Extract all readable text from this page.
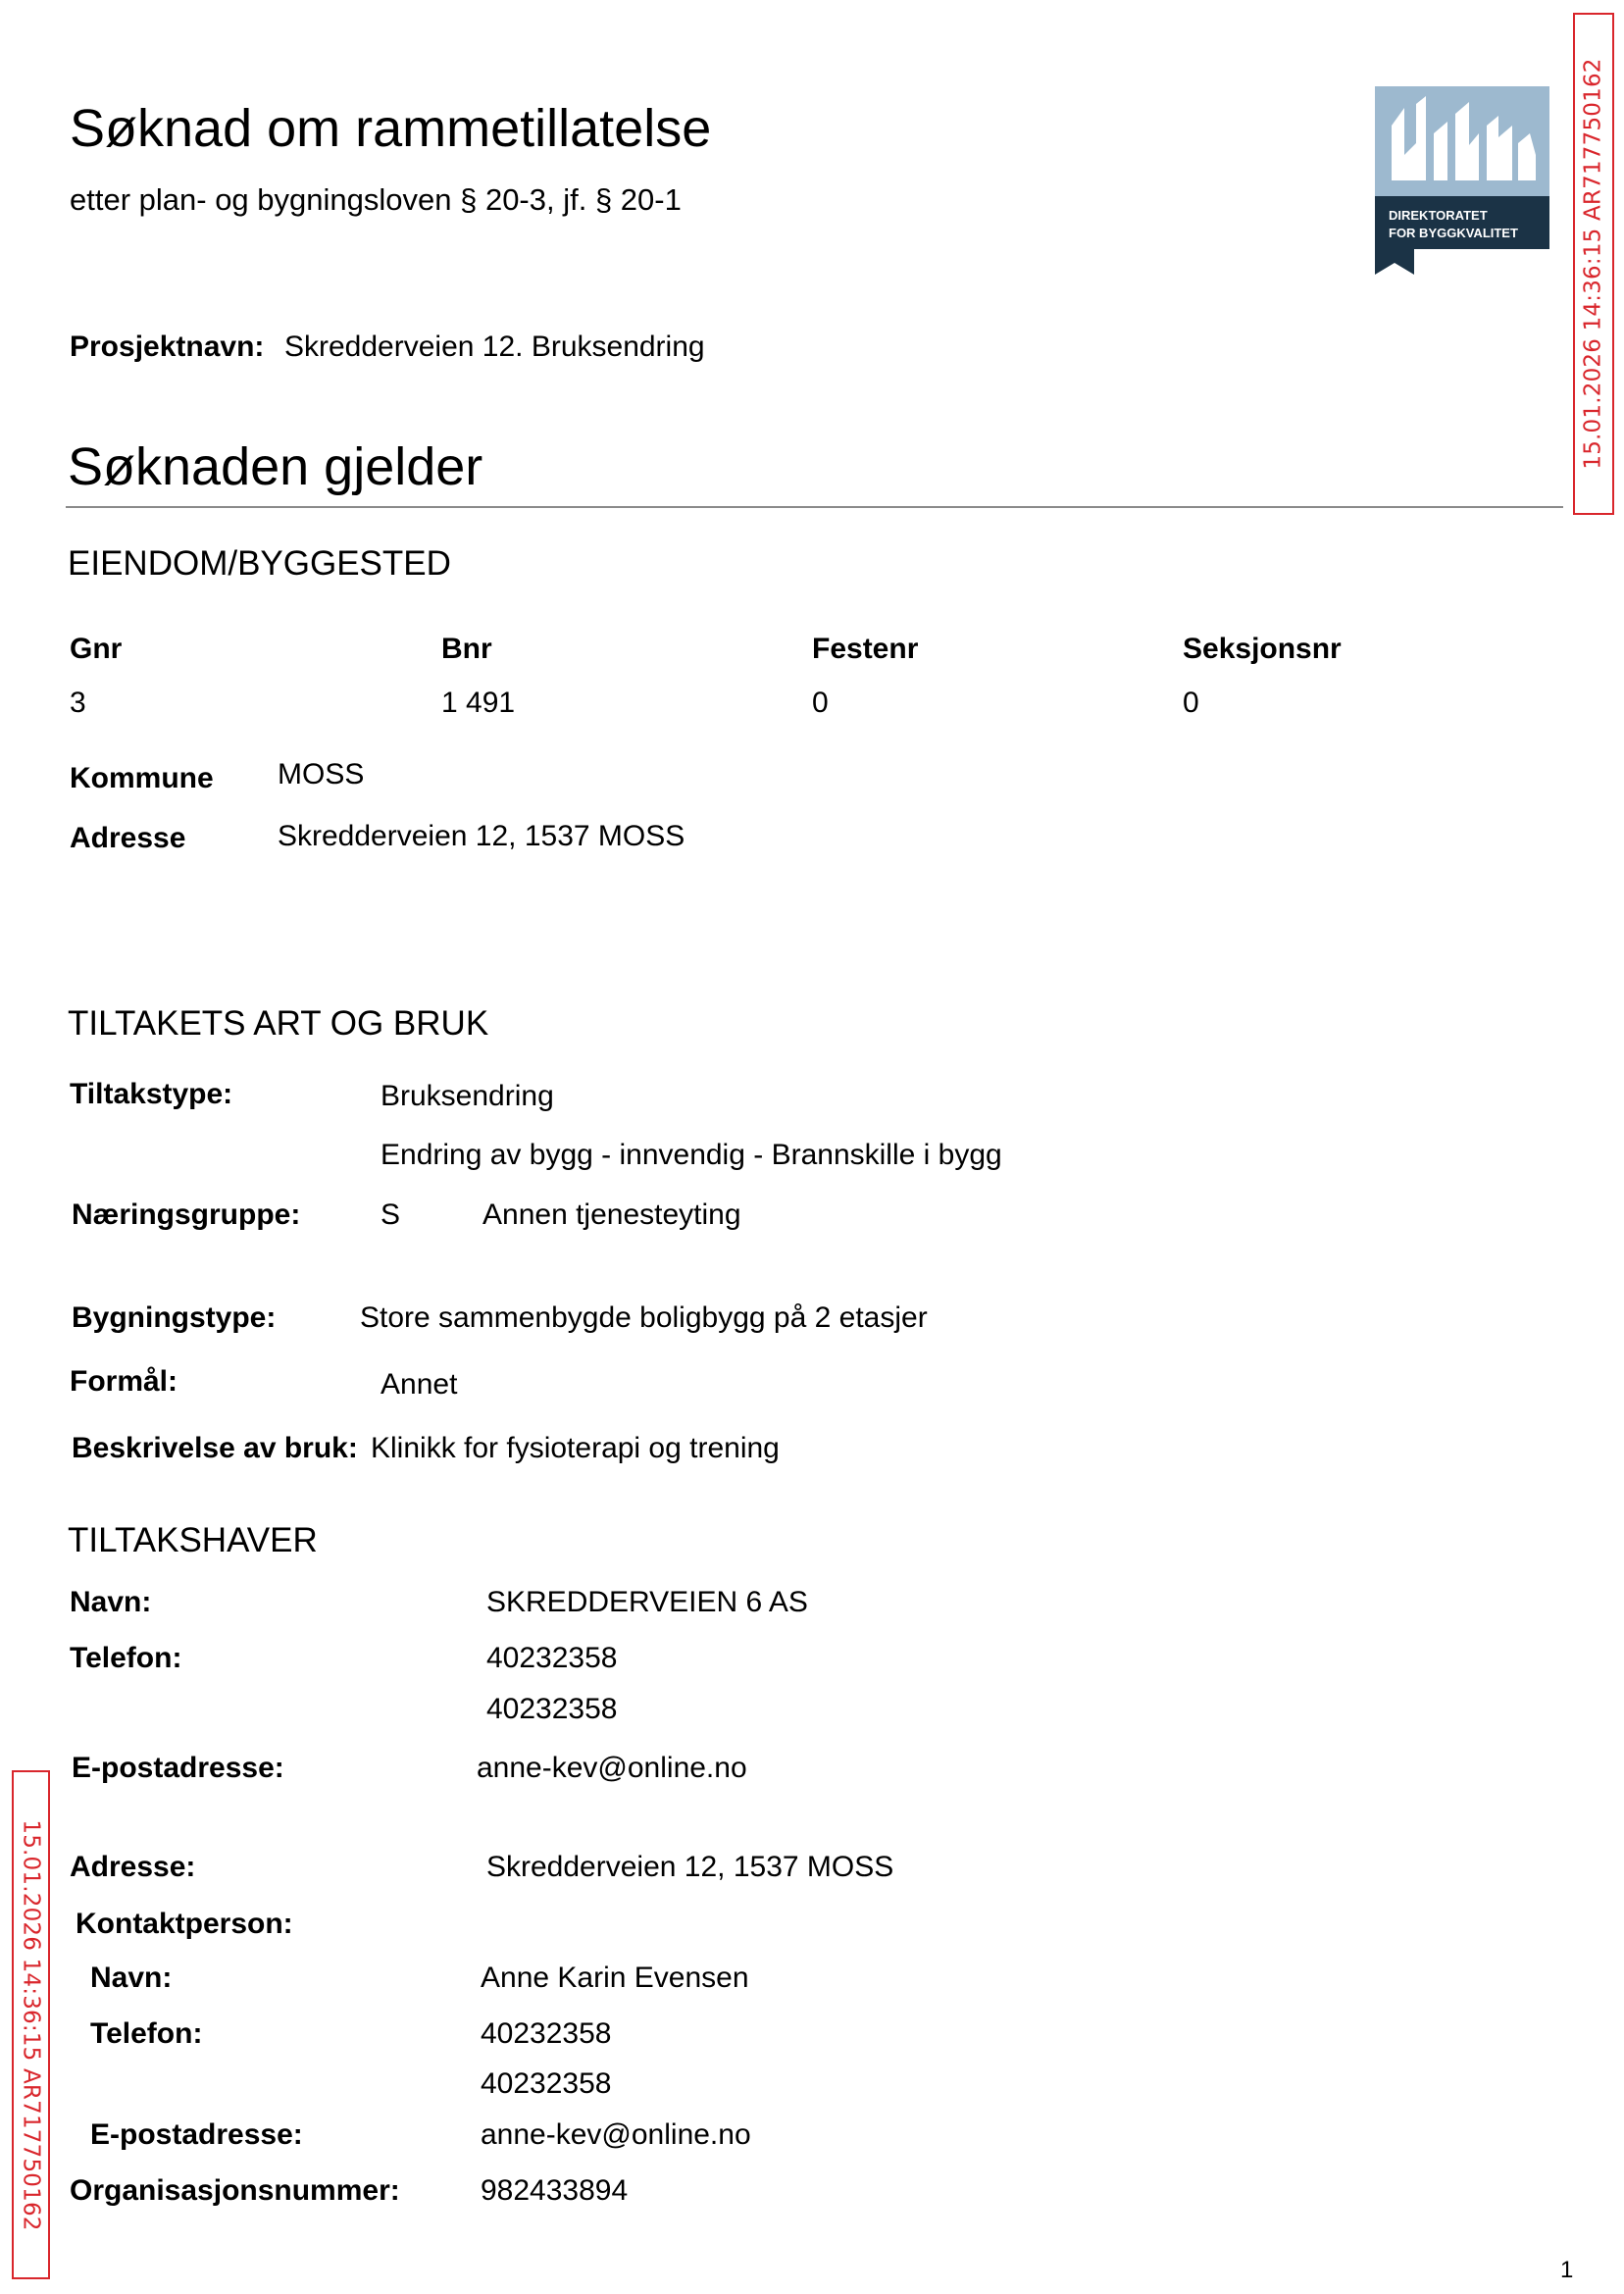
Søknad om rammetillatelse
etter plan- og bygningsloven § 20-3, jf. § 20-1	DIREKTORATET
FOR BYGGKVALITET	15.01.2026 14:36:15 AR717750162
15.01.2026 14:36:15 AR717750162
Prosjektnavn: Skredderveien 12. Bruksendring
Søknaden gjelder
EIENDOM/BYGGESTED
Gnr	Bnr	Festenr	Seksjonsnr
3	1 491	0	0
Kommune MOSS
Adresse	Skredderveien 12, 1537 MOSS
TILTAKETS ART OG BRUK
Tiltakstype:	Bruksendring
Endring av bygg - innvendig - Brannskille i bygg
Næringsgruppe:	S	Annen tjenesteyting
Bygningstype:	Store sammenbygde boligbygg på 2 etasjer
Formål:	Annet
Beskrivelse av bruk: Klinikk for fysioterapi og trening
TILTAKSHAVER
Navn:	SKREDDERVEIEN 6 AS
Telefon:	40232358
40232358
E-postadresse:	anne-kev@online.no
Adresse:	Skredderveien 12, 1537 MOSS
Kontaktperson:
Navn:	Anne Karin Evensen
Telefon:	40232358
40232358
E-postadresse:	anne-kev@online.no
Organisasjonsnummer:	982433894
1
